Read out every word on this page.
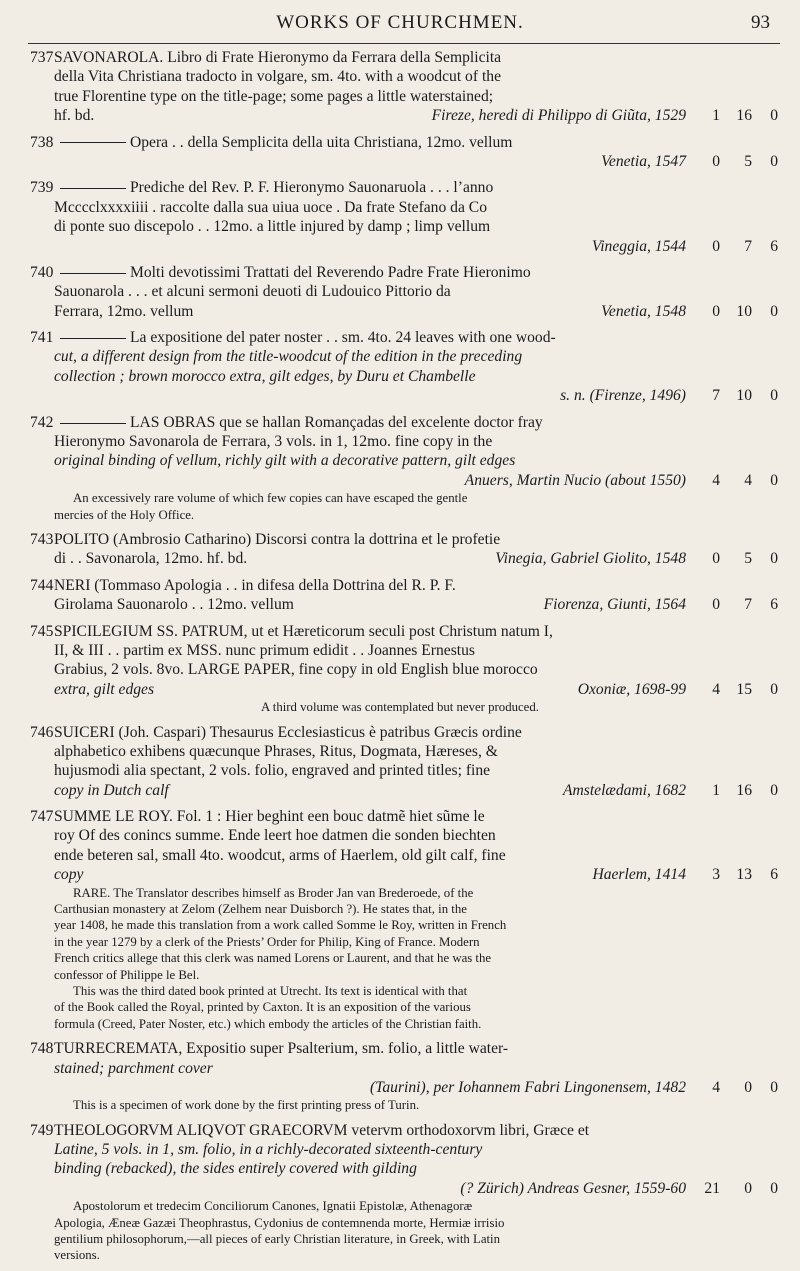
WORKS OF CHURCHMEN.	93
737 SAVONAROLA. Libro di Frate Hieronymo da Ferrara della Semplicita
della Vita Christiana tradocto in volgare, sm. 4to. with a woodcut of the
true Florentine type on the title-page; some pages a little waterstained;
hf. bd.	Fireze, heredi di Philippo di Giũta, 1529	1	16	0
738	Opera . . della Semplicita della uita Christiana, 12mo. vellum
Venetia, 1547	0	5	0
739	Prediche del Rev. P. F. Hieronymo Sauonaruola . . . l’anno
Mcccclxxxxiiii . raccolte dalla sua uiua uoce . Da frate Stefano da Co
di ponte suo discepolo . . 12mo. a little injured by damp ; limp vellum
Vineggia, 1544	0	7	6
740	Molti devotissimi Trattati del Reverendo Padre Frate Hieronimo
Sauonarola . . . et alcuni sermoni deuoti di Ludouico Pittorio da
Ferrara, 12mo. vellum	Venetia, 1548	0	10	0
741	La expositione del pater noster . . sm. 4to. 24 leaves with one wood-
cut, a different design from the title-woodcut of the edition in the preceding
collection ; brown morocco extra, gilt edges, by Duru et Chambelle
s. n. (Firenze, 1496)	7	10	0
742	LAS OBRAS que se hallan Romançadas del excelente doctor fray
Hieronymo Savonarola de Ferrara, 3 vols. in 1, 12mo. fine copy in the
original binding of vellum, richly gilt with a decorative pattern, gilt edges
Anuers, Martin Nucio (about 1550)	4	4	0
An excessively rare volume of which few copies can have escaped the gentle
mercies of the Holy Office.
743 POLITO (Ambrosio Catharino) Discorsi contra la dottrina et le profetie
di . . Savonarola, 12mo. hf. bd.	Vinegia, Gabriel Giolito, 1548	0	5	0
744 NERI (Tommaso Apologia . . in difesa della Dottrina del R. P. F.
Girolama Sauonarolo . . 12mo. vellum	Fiorenza, Giunti, 1564	0	7	6
745 SPICILEGIUM SS. PATRUM, ut et Hæreticorum seculi post Christum natum I,
II, & III . . partim ex MSS. nunc primum edidit . . Joannes Ernestus
Grabius, 2 vols. 8vo. LARGE PAPER, fine copy in old English blue morocco
extra, gilt edges	Oxoniæ, 1698-99	4	15	0
A third volume was contemplated but never produced.
746 SUICERI (Joh. Caspari) Thesaurus Ecclesiasticus è patribus Græcis ordine
alphabetico exhibens quæcunque Phrases, Ritus, Dogmata, Hæreses, &
hujusmodi alia spectant, 2 vols. folio, engraved and printed titles; fine
copy in Dutch calf	Amstelædami, 1682	1	16	0
747 SUMME LE ROY. Fol. 1 : Hier beghint een bouc datmẽ hiet sũme le
roy Of des conincs summe. Ende leert hoe datmen die sonden biechten
ende beteren sal, small 4to. woodcut, arms of Haerlem, old gilt calf, fine
copy	Haerlem, 1414	3	13	6
RARE. The Translator describes himself as Broder Jan van Brederoede, of the
Carthusian monastery at Zelom (Zelhem near Duisborch ?). He states that, in the
year 1408, he made this translation from a work called Somme le Roy, written in French
in the year 1279 by a clerk of the Priests’ Order for Philip, King of France. Modern
French critics allege that this clerk was named Lorens or Laurent, and that he was the
confessor of Philippe le Bel.
This was the third dated book printed at Utrecht. Its text is identical with that
of the Book called the Royal, printed by Caxton. It is an exposition of the various
formula (Creed, Pater Noster, etc.) which embody the articles of the Christian faith.
748 TURRECREMATA, Expositio super Psalterium, sm. folio, a little water-
stained; parchment cover
(Taurini), per Iohannem Fabri Lingonensem, 1482	4	0	0
This is a specimen of work done by the first printing press of Turin.
749 THEOLOGORVM ALIQVOT GRAECORVM vetervm orthodoxorvm libri, Græce et
Latine, 5 vols. in 1, sm. folio, in a richly-decorated sixteenth-century
binding (rebacked), the sides entirely covered with gilding
(? Zürich) Andreas Gesner, 1559-60	21	0	0
Apostolorum et tredecim Conciliorum Canones, Ignatii Epistolæ, Athenagoræ
Apologia, Æneæ Gazæi Theophrastus, Cydonius de contemnenda morte, Hermiæ irrisio
gentilium philosophorum,—all pieces of early Christian literature, in Greek, with Latin
versions.
